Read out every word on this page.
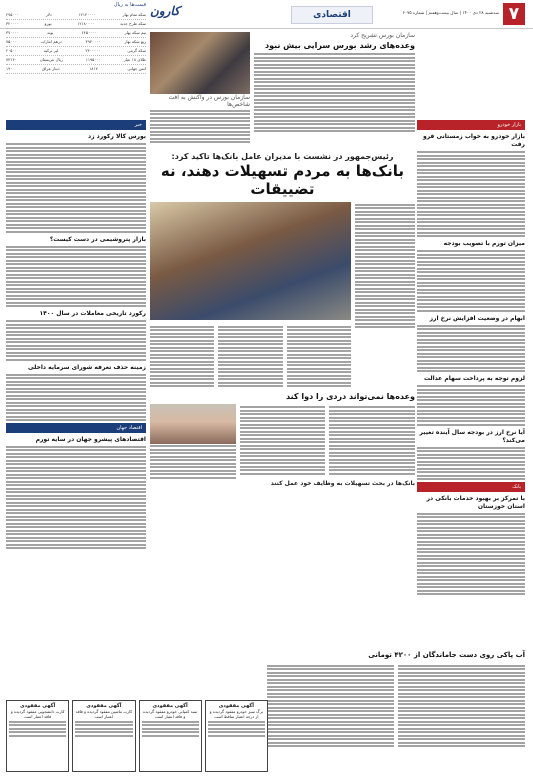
۷
سه‌شنبه ۲۸ دی ۱۴۰۰ | سال بیست‌وهفتم | شماره ۶۰۷۵
اقتصادی
کارون
قیمت‌ها به ریال
سکه تمام بهار
۱۲۱۴۰۰۰۰
دلار
۲۷۵۰۰۰
سکه طرح جدید
۱۲۱۸۰۰۰۰
یورو
۳۲۰۰۰۰
نیم سکه بهار
۶۴۵۰۰۰۰
پوند
۳۷۰۰۰۰
ربع سکه بهار
۳۹۴۰۰۰۰
درهم امارات
۷۵۰۰۰
سکه گرمی
۲۴۰۰۰۰۰
لیر ترکیه
۲۰۵۰۰
طلای ۱۸ عیار
۱۱۹۵۰۰۰
ریال عربستان
۷۳۱۴۰
انس جهانی
۱۸۱۷
دینار عراق
۱۹۰
بازار خودرو
بازار خودرو به خواب زمستانی فرو رفت
میزان تورم با تصویب بودجه
ابهام در وضعیت افزایش نرخ ارز
لزوم توجه به پرداخت سهام عدالت
آیا نرخ ارز در بودجه سال آینده تغییر می‌کند؟
بانک
با تمرکز بر بهبود خدمات بانکی در استان خوزستان
آب پاکی روی دست جاماندگان از ۴۲۰۰ تومانی
سازمان بورس تشریح کرد
وعده‌های رشد بورس سرایی بیش نبود
سازمان بورس در واکنش به افت شاخص‌ها
رئیس‌جمهور در نشست با مدیران عامل بانک‌ها تاکید کرد:
بانک‌ها به مردم تسهیلات دهند، نه تضییقات
وعده‌ها نمی‌تواند دردی را دوا کند
بانک‌ها در بحث تسهیلات به وظایف خود عمل کنند
خبر
بورس کالا رکورد زد
بازار پتروشیمی در دست کیست؟
رکورد تاریخی معاملات در سال ۱۴۰۰
زمینه حذف تعرفه شورای سرمایه داخلی
اقتصاد جهان
اقتصادهای پیشرو جهان در سایه تورم
آگهی مفقودی
برگ سبز خودرو مفقود گردیده و از درجه اعتبار ساقط است
آگهی مفقودی
سند کمپانی خودرو مفقود گردیده و فاقد اعتبار است
آگهی مفقودی
کارت ماشین مفقود گردیده و فاقد اعتبار است
آگهی مفقودی
کارت دانشجویی مفقود گردیده و فاقد اعتبار است
